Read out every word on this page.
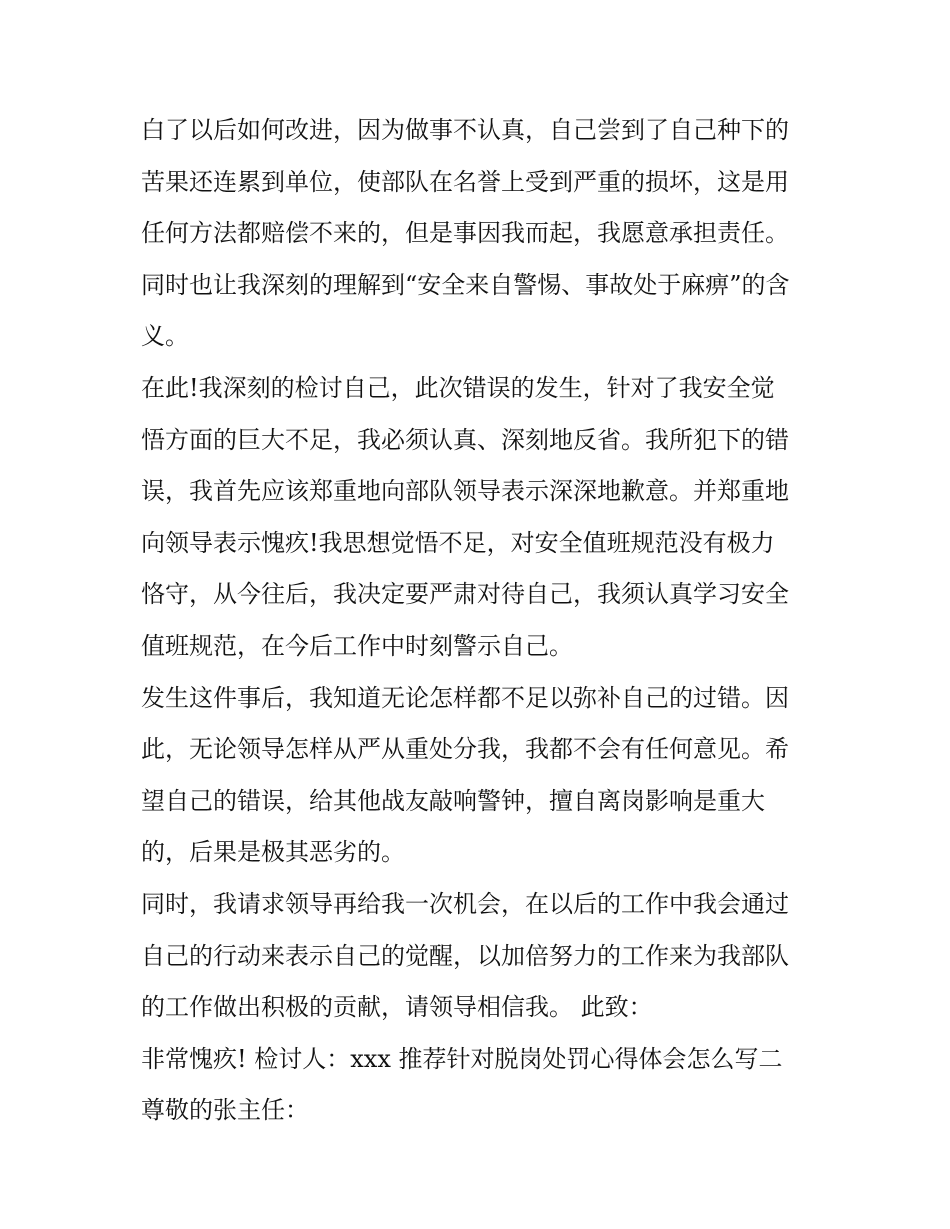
白了以后如何改进，因为做事不认真，自己尝到了自己种下的
苦果还连累到单位，使部队在名誉上受到严重的损坏，这是用
任何方法都赔偿不来的，但是事因我而起，我愿意承担责任。
同时也让我深刻的理解到“安全来自警惕、事故处于麻痹”的含
义。
在此!我深刻的检讨自己，此次错误的发生，针对了我安全觉
悟方面的巨大不足，我必须认真、深刻地反省。我所犯下的错
误，我首先应该郑重地向部队领导表示深深地歉意。并郑重地
向领导表示愧疚!我思想觉悟不足，对安全值班规范没有极力
恪守，从今往后，我决定要严肃对待自己，我须认真学习安全
值班规范，在今后工作中时刻警示自己。
发生这件事后，我知道无论怎样都不足以弥补自己的过错。因
此，无论领导怎样从严从重处分我，我都不会有任何意见。希
望自己的错误，给其他战友敲响警钟，擅自离岗影响是重大
的，后果是极其恶劣的。
同时，我请求领导再给我一次机会，在以后的工作中我会通过
自己的行动来表示自己的觉醒，以加倍努力的工作来为我部队
的工作做出积极的贡献，请领导相信我。 此致：
非常愧疚! 检讨人：xxx 推荐针对脱岗处罚心得体会怎么写二
尊敬的张主任：
